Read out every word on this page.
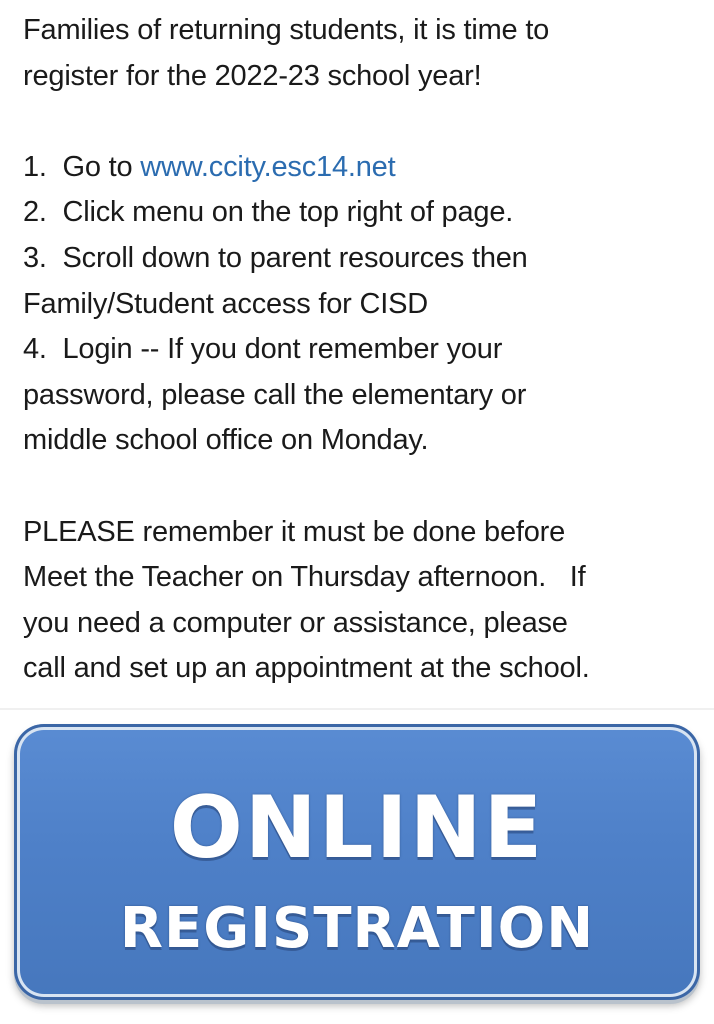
Families of returning students, it is time to
register for the 2022-23 school year!
1.  Go to www.ccity.esc14.net
2.  Click menu on the top right of page.
3.  Scroll down to parent resources then
Family/Student access for CISD
4.  Login -- If you dont remember your
password, please call the elementary or
middle school office on Monday.
PLEASE remember it must be done before
Meet the Teacher on Thursday afternoon.   If
you need a computer or assistance, please
call and set up an appointment at the school.
ONLINE
REGISTRATION
